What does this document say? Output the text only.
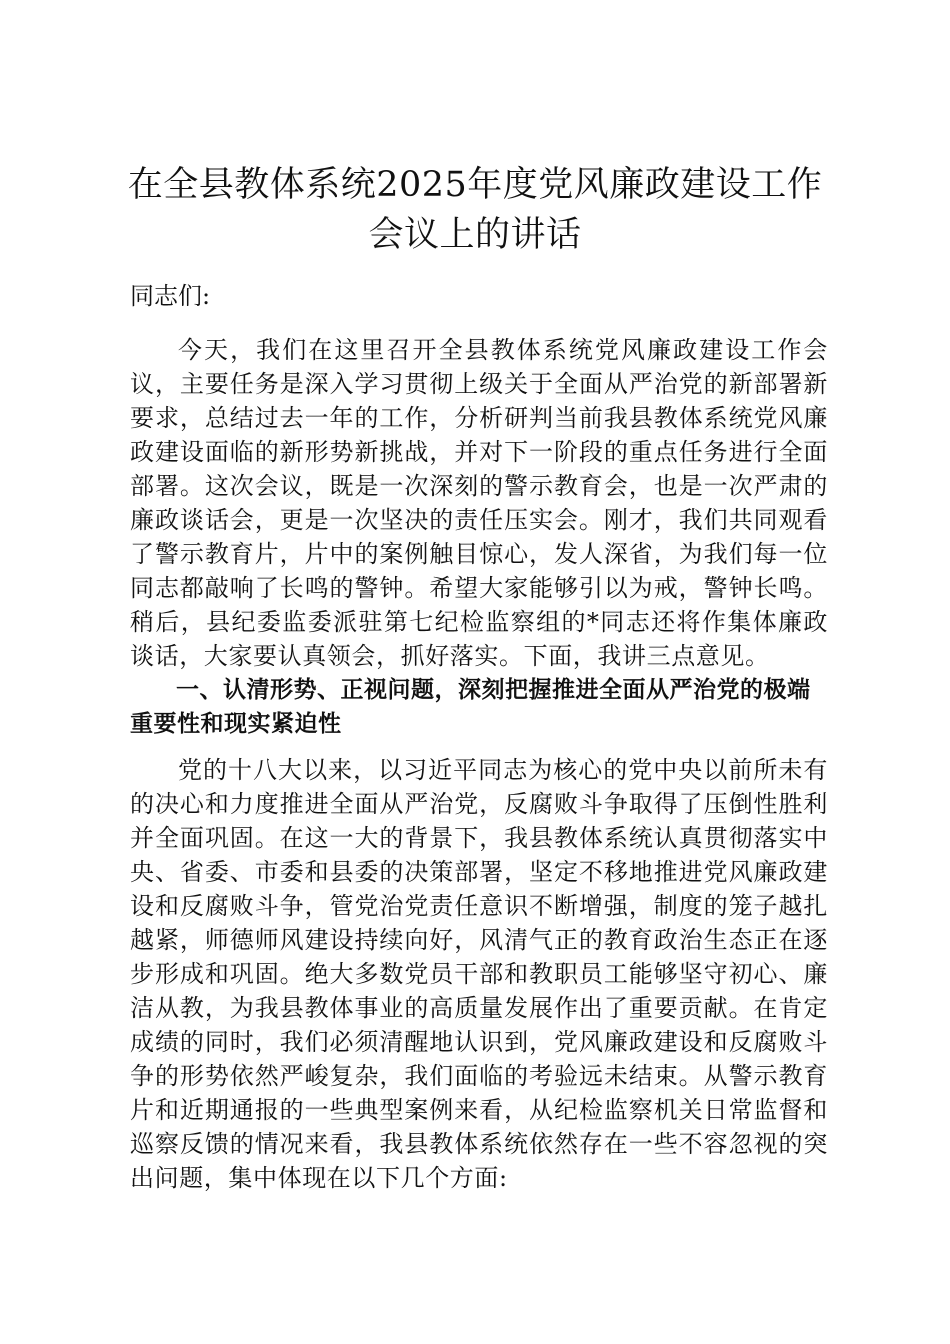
在全县教体系统2025年度党风廉政建设工作会议上的讲话

同志们:

今天，我们在这里召开全县教体系统党风廉政建设工作会议，主要任务是深入学习贯彻上级关于全面从严治党的新部署新要求，总结过去一年的工作，分析研判当前我县教体系统党风廉政建设面临的新形势新挑战，并对下一阶段的重点任务进行全面部署。这次会议，既是一次深刻的警示教育会，也是一次严肃的廉政谈话会，更是一次坚决的责任压实会。刚才，我们共同观看了警示教育片，片中的案例触目惊心，发人深省，为我们每一位同志都敲响了长鸣的警钟。希望大家能够引以为戒，警钟长鸣。稍后，县纪委监委派驻第七纪检监察组的*同志还将作集体廉政谈话，大家要认真领会，抓好落实。下面，我讲三点意见。

一、认清形势、正视问题，深刻把握推进全面从严治党的极端重要性和现实紧迫性

党的十八大以来，以习近平同志为核心的党中央以前所未有的决心和力度推进全面从严治党，反腐败斗争取得了压倒性胜利并全面巩固。在这一大的背景下，我县教体系统认真贯彻落实中央、省委、市委和县委的决策部署，坚定不移地推进党风廉政建设和反腐败斗争，管党治党责任意识不断增强，制度的笼子越扎越紧，师德师风建设持续向好，风清气正的教育政治生态正在逐步形成和巩固。绝大多数党员干部和教职员工能够坚守初心、廉洁从教，为我县教体事业的高质量发展作出了重要贡献。在肯定成绩的同时，我们必须清醒地认识到，党风廉政建设和反腐败斗争的形势依然严峻复杂，我们面临的考验远未结束。从警示教育片和近期通报的一些典型案例来看，从纪检监察机关日常监督和巡察反馈的情况来看，我县教体系统依然存在一些不容忽视的突出问题，集中体现在以下几个方面:
